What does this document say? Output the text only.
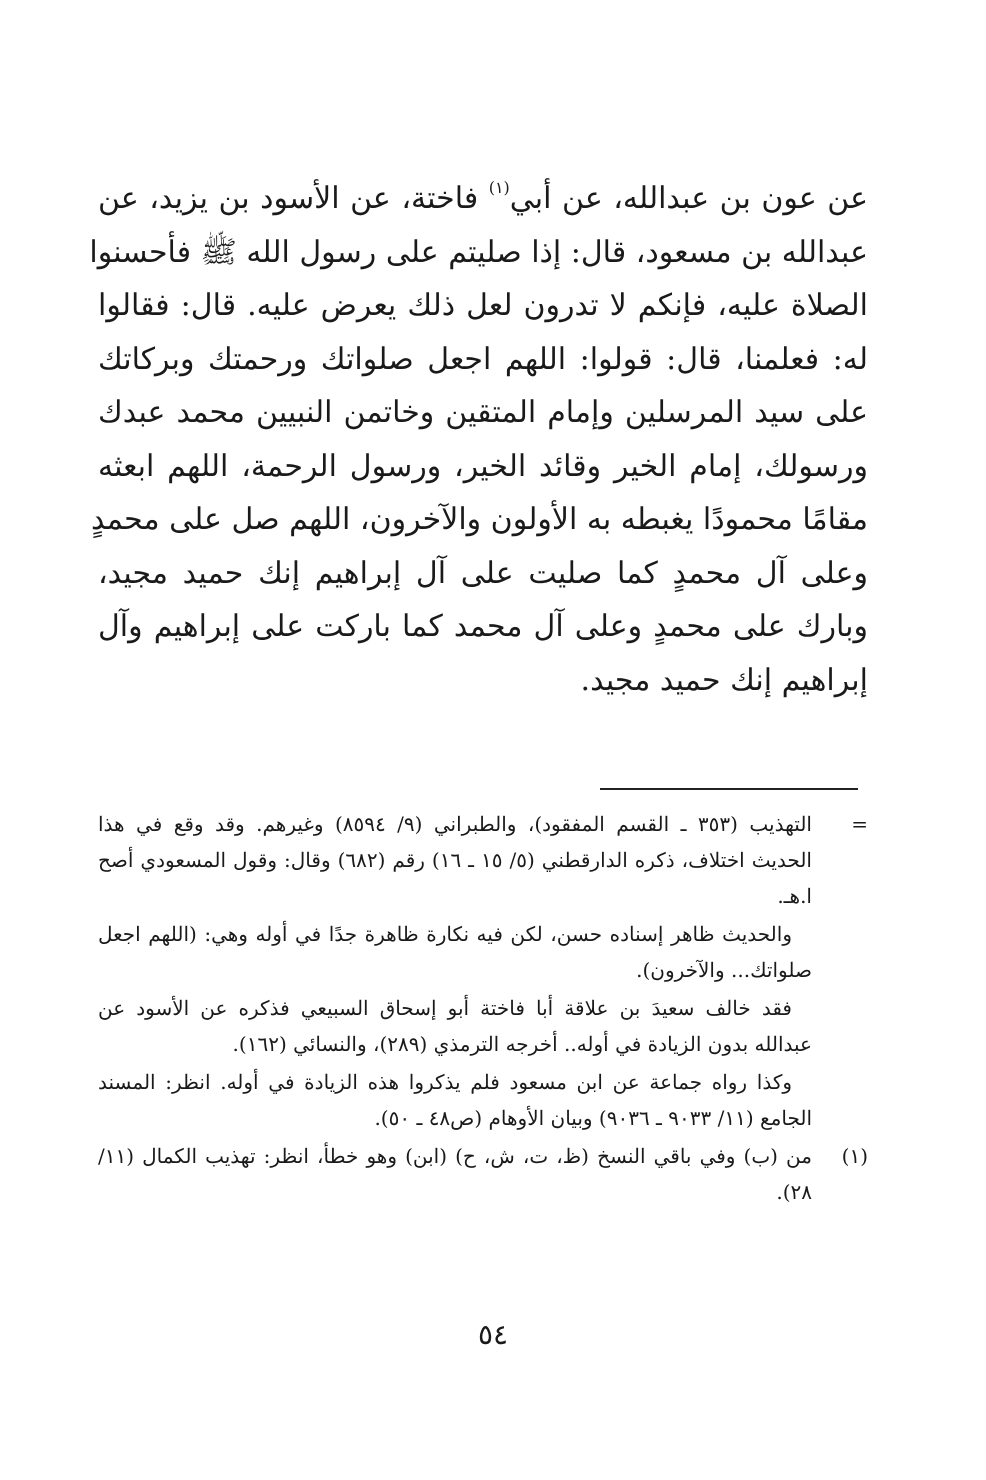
عن عون بن عبدالله، عن أبي$^{(١)}$ فاختة، عن الأسود بن يزيد، عن
عبدالله بن مسعود، قال: إذا صليتم على رسول الله ﷺ فأحسنوا
الصلاة عليه، فإنكم لا تدرون لعل ذلك يعرض عليه. قال: فقالوا
له: فعلمنا، قال: قولوا: اللهم اجعل صلواتك ورحمتك وبركاتك
على سيد المرسلين وإمام المتقين وخاتمن النبيين محمد عبدك
ورسولك، إمام الخير وقائد الخير، ورسول الرحمة، اللهم ابعثه
مقامًا محمودًا يغبطه به الأولون والآخرون، اللهم صل على محمدٍ
وعلى آل محمدٍ كما صليت على آل إبراهيم إنك حميد مجيد،
وبارك على محمدٍ وعلى آل محمد كما باركت على إبراهيم وآل
إبراهيم إنك حميد مجيد.
=
التهذيب (٣٥٣ ـ القسم المفقود)، والطبراني (٩/ ٨٥٩٤) وغيرهم. وقد وقع في هذا الحديث اختلاف، ذكره الدارقطني (٥/ ١٥ ـ ١٦) رقم (٦٨٢) وقال: وقول المسعودي أصح ا.هـ.
والحديث ظاهر إسناده حسن، لكن فيه نكارة ظاهرة جدًا في أوله وهي: (اللهم اجعل صلواتك... والآخرون).
فقد خالف سعيدَ بن علاقة أبا فاختة أبو إسحاق السبيعي فذكره عن الأسود عن عبدالله بدون الزيادة في أوله.. أخرجه الترمذي (٢٨٩)، والنسائي (١٦٢).
وكذا رواه جماعة عن ابن مسعود فلم يذكروا هذه الزيادة في أوله. انظر: المسند الجامع (١١/ ٩٠٣٣ ـ ٩٠٣٦) وبيان الأوهام (ص٤٨ ـ ٥٠).
(١)
من (ب) وفي باقي النسخ (ظ، ت، ش، ح) (ابن) وهو خطأ، انظر: تهذيب الكمال (١١/ ٢٨).
٥٤
